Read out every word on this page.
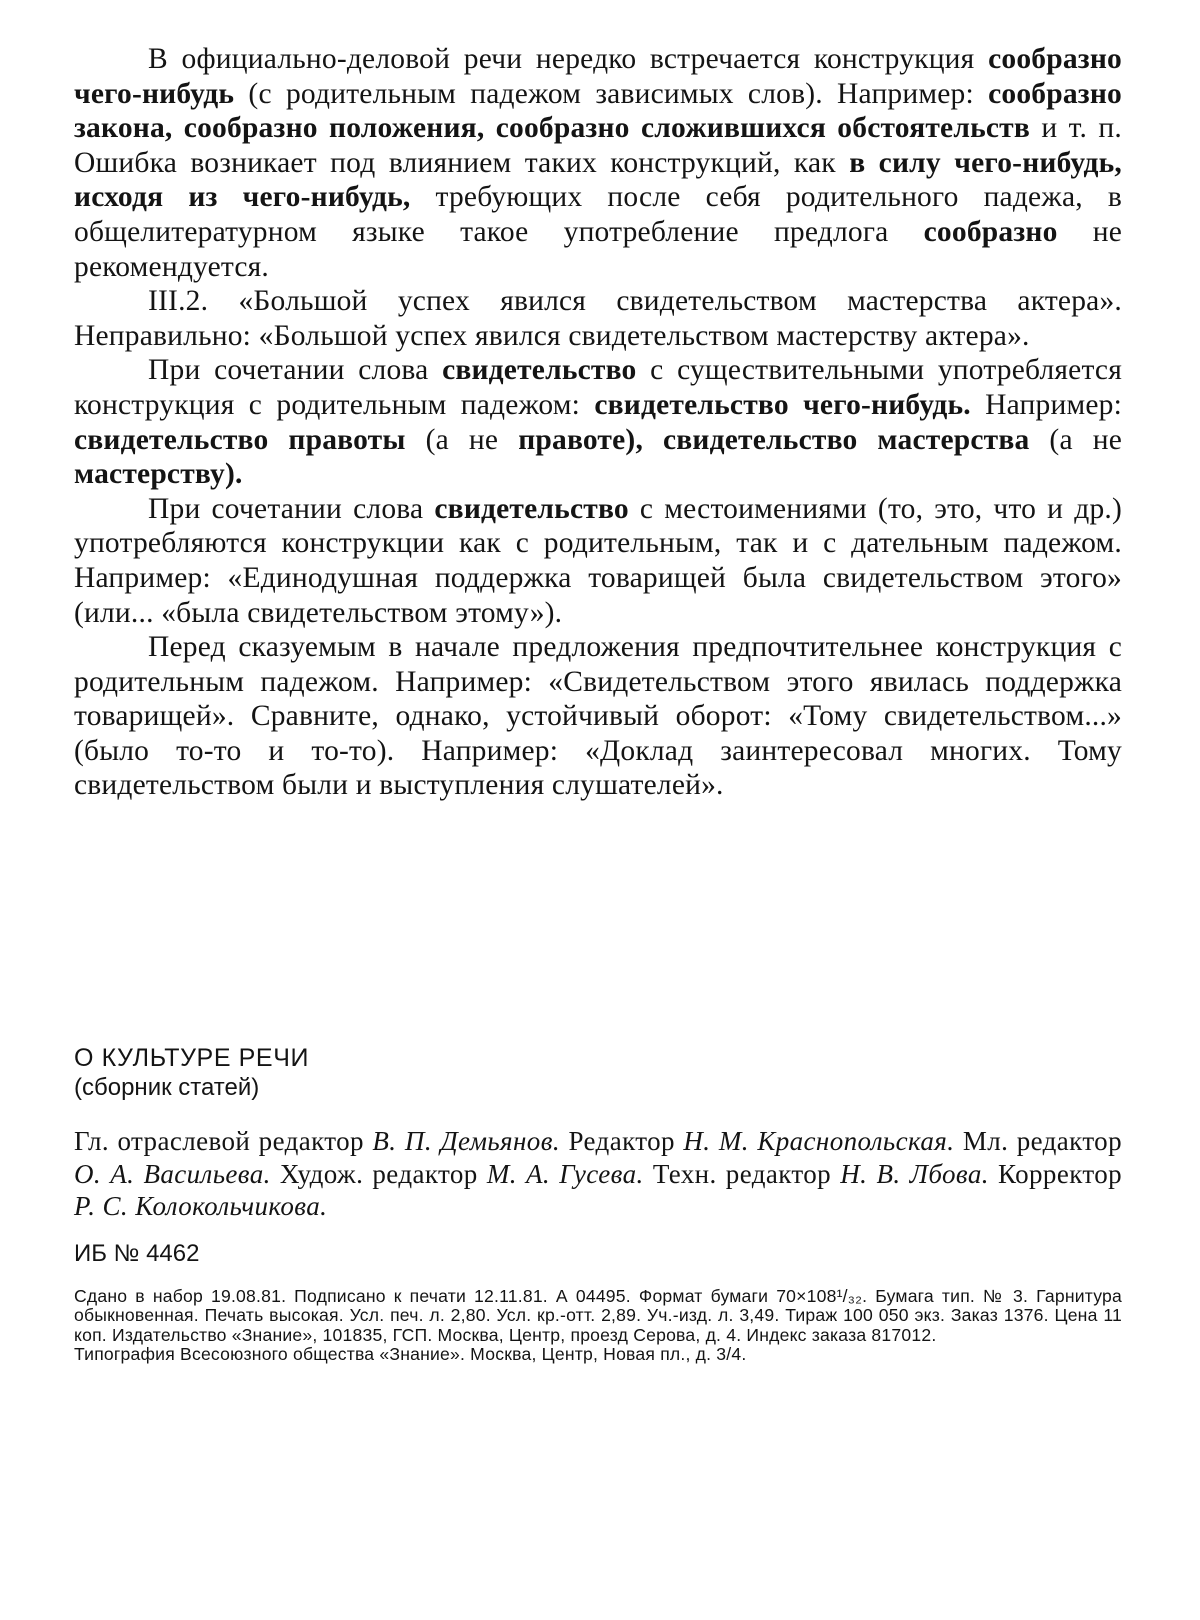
В официально-деловой речи нередко встречается конструкция сообразно чего-нибудь (с родительным падежом зависимых слов). Например: сообразно закона, сообразно положения, сообразно сложившихся обстоятельств и т. п. Ошибка возникает под влиянием таких конструкций, как в силу чего-нибудь, исходя из чего-нибудь, требующих после себя родительного падежа, в общелитературном языке такое употребление предлога сообразно не рекомендуется.

III.2. «Большой успех явился свидетельством мастерства актера». Неправильно: «Большой успех явился свидетельством мастерству актера».

При сочетании слова свидетельство с существительными употребляется конструкция с родительным падежом: свидетельство чего-нибудь. Например: свидетельство правоты (а не правоте), свидетельство мастерства (а не мастерству).

При сочетании слова свидетельство с местоимениями (то, это, что и др.) употребляются конструкции как с родительным, так и с дательным падежом. Например: «Единодушная поддержка товарищей была свидетельством этого» (или... «была свидетельством этому»).

Перед сказуемым в начале предложения предпочтительнее конструкция с родительным падежом. Например: «Свидетельством этого явилась поддержка товарищей». Сравните, однако, устойчивый оборот: «Тому свидетельством...» (было то-то и то-то). Например: «Доклад заинтересовал многих. Тому свидетельством были и выступления слушателей».

О КУЛЬТУРЕ РЕЧИ

(сборник статей)

Гл. отраслевой редактор В. П. Демьянов. Редактор Н. М. Краснопольская. Мл. редактор О. А. Васильева. Худож. редактор М. А. Гусева. Техн. редактор Н. В. Лбова. Корректор Р. С. Колокольчикова.

ИБ № 4462

Сдано в набор 19.08.81. Подписано к печати 12.11.81. А 04495. Формат бумаги 70×108¹/₃₂. Бумага тип. № 3. Гарнитура обыкновенная. Печать высокая. Усл. печ. л. 2,80. Усл. кр.-отт. 2,89. Уч.-изд. л. 3,49. Тираж 100 050 экз. Заказ 1376. Цена 11 коп. Издательство «Знание», 101835, ГСП. Москва, Центр, проезд Серова, д. 4. Индекс заказа 817012.

Типография Всесоюзного общества «Знание». Москва, Центр, Новая пл., д. 3/4.
